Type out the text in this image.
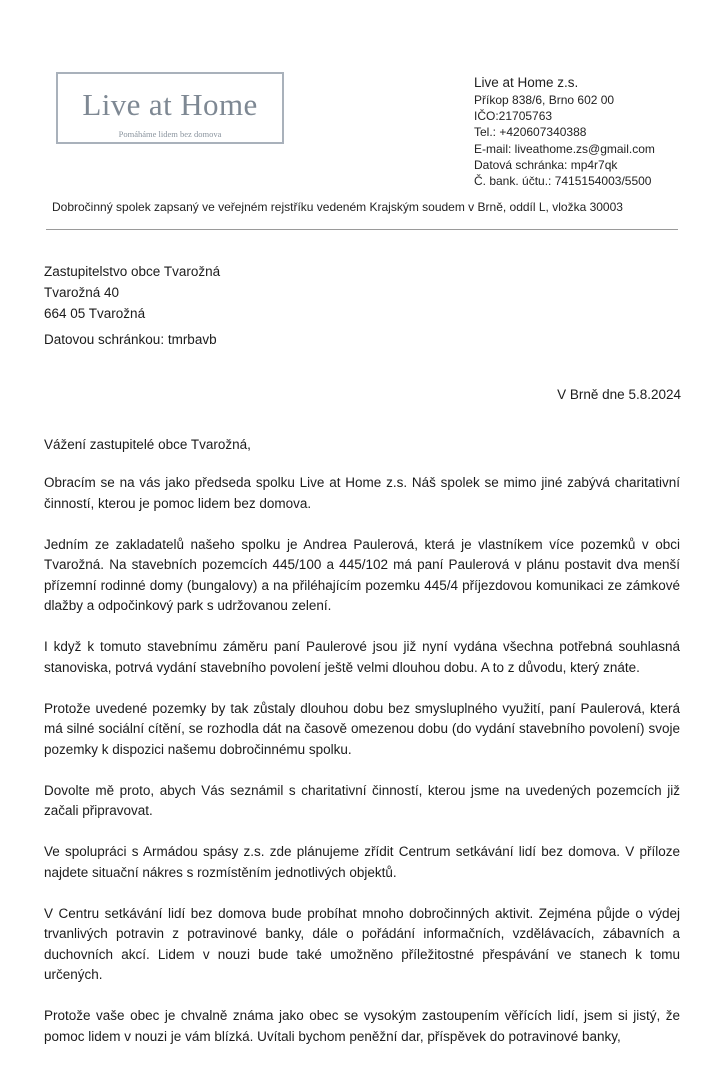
Live at Home
Pomáháme lidem bez domova
Live at Home z.s.
Příkop 838/6, Brno 602 00
IČO:21705763
Tel.: +420607340388
E-mail: liveathome.zs@gmail.com
Datová schránka: mp4r7qk
Č. bank. účtu.: 7415154003/5500
Dobročinný spolek zapsaný ve veřejném rejstříku vedeném Krajským soudem v Brně, oddíl L, vložka 30003
Zastupitelstvo obce Tvarožná
Tvarožná 40
664 05 Tvarožná
Datovou schránkou: tmrbavb
V Brně dne 5.8.2024
Vážení zastupitelé obce Tvarožná,

Obracím se na vás jako předseda spolku Live at Home z.s. Náš spolek se mimo jiné zabývá charitativní činností, kterou je pomoc lidem bez domova.

Jedním ze zakladatelů našeho spolku je Andrea Paulerová, která je vlastníkem více pozemků v obci Tvarožná. Na stavebních pozemcích 445/100 a 445/102 má paní Paulerová v plánu postavit dva menší přízemní rodinné domy (bungalovy) a na přiléhajícím pozemku 445/4 příjezdovou komunikaci ze zámkové dlažby a odpočinkový park s udržovanou zelení.

I když k tomuto stavebnímu záměru paní Paulerové jsou již nyní vydána všechna potřebná souhlasná stanoviska, potrvá vydání stavebního povolení ještě velmi dlouhou dobu. A to z důvodu, který znáte.

Protože uvedené pozemky by tak zůstaly dlouhou dobu bez smysluplného využití, paní Paulerová, která má silné sociální cítění, se rozhodla dát na časově omezenou dobu (do vydání stavebního povolení) svoje pozemky k dispozici našemu dobročinnému spolku.

Dovolte mě proto, abych Vás seznámil s charitativní činností, kterou jsme na uvedených pozemcích již začali připravovat.

Ve spolupráci s Armádou spásy z.s. zde plánujeme zřídit Centrum setkávání lidí bez domova. V příloze najdete situační nákres s rozmístěním jednotlivých objektů.

V Centru setkávání lidí bez domova bude probíhat mnoho dobročinných aktivit. Zejména půjde o výdej trvanlivých potravin z potravinové banky, dále o pořádání informačních, vzdělávacích, zábavních a duchovních akcí. Lidem v nouzi bude také umožněno příležitostné přespávání ve stanech k tomu určených.

Protože vaše obec je chvalně známa jako obec se vysokým zastoupením věřících lidí, jsem si jistý, že pomoc lidem v nouzi je vám blízká. Uvítali bychom peněžní dar, příspěvek do potravinové banky,
